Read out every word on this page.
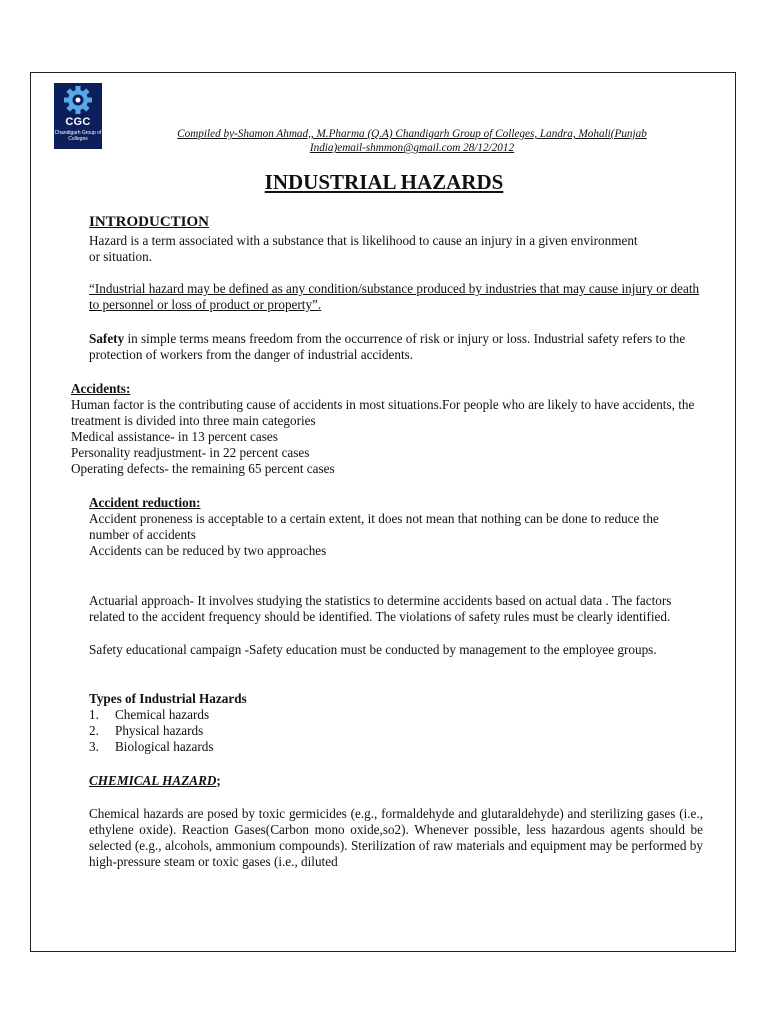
CGC
Chandigarh Group of Colleges	Compiled by-Shamon Ahmad,, M.Pharma (Q.A) Chandigarh Group of Colleges, Landra, Mohali(Punjab
India)email-shmmon@gmail.com 28/12/2012
INDUSTRIAL HAZARDS
INTRODUCTION

Hazard is a term associated with a substance that is likelihood to cause an injury in a given environment or situation.

“Industrial hazard may be defined as any condition/substance produced by industries that may cause injury or death to personnel or loss of product or property”.

Safety in simple terms means freedom from the occurrence of risk or injury or loss. Industrial safety refers to the protection of workers from the danger of industrial accidents.

Accidents:

Human factor is the contributing cause of accidents in most situations.For people who are likely to have accidents, the treatment is divided into three main categories

Medical assistance- in 13 percent cases
Personality readjustment- in 22 percent cases
Operating defects- the remaining 65 percent cases
Accident reduction:

Accident proneness is acceptable to a certain extent, it does not mean that nothing can be done to reduce the number of accidents

Accidents can be reduced by two approaches

Actuarial approach- It involves studying the statistics to determine accidents based on actual data . The factors related to the accident frequency should be identified. The violations of safety rules must be clearly identified.

Safety educational campaign -Safety education must be conducted by management to the employee groups.

Types of Industrial Hazards
1.	Chemical hazards
2.	Physical hazards
3.	Biological hazards
CHEMICAL HAZARD;

Chemical hazards are posed by toxic germicides (e.g., formaldehyde and glutaraldehyde) and sterilizing gases (i.e., ethylene oxide). Reaction Gases(Carbon mono oxide,so2). Whenever possible, less hazardous agents should be selected (e.g., alcohols, ammonium compounds). Sterilization of raw materials and equipment may be performed by high-pressure steam or toxic gases (i.e., diluted
